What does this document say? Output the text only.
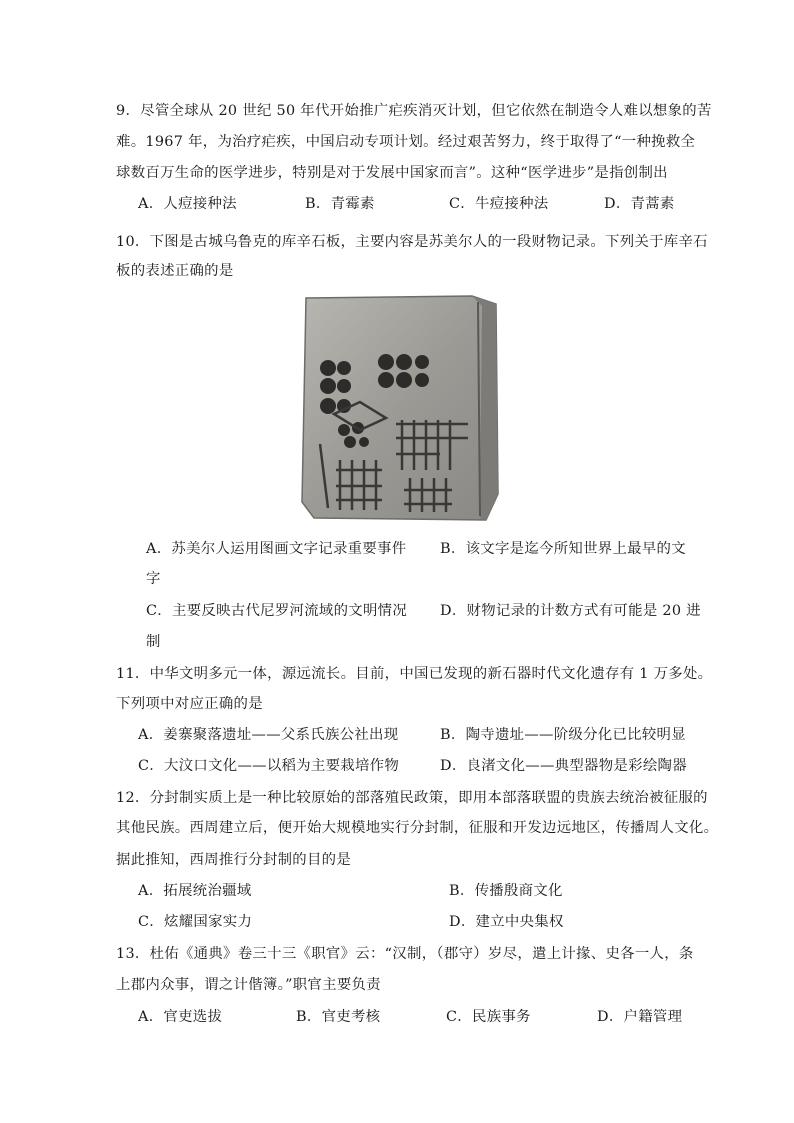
9．尽管全球从 20 世纪 50 年代开始推广疟疾消灭计划，但它依然在制造令人难以想象的苦
难。1967 年，为治疗疟疾，中国启动专项计划。经过艰苦努力，终于取得了“一种挽救全
球数百万生命的医学进步，特别是对于发展中国家而言”。这种“医学进步”是指创制出
A．人痘接种法	B．青霉素	C．牛痘接种法	D．青蒿素
10．下图是古城乌鲁克的库辛石板，主要内容是苏美尔人的一段财物记录。下列关于库辛石
板的表述正确的是
A．苏美尔人运用图画文字记录重要事件 B．该文字是迄今所知世界上最早的文
字
C．主要反映古代尼罗河流域的文明情况 D．财物记录的计数方式有可能是 20 进
制
11．中华文明多元一体，源远流长。目前，中国已发现的新石器时代文化遗存有 1 万多处。
下列项中对应正确的是
A．姜寨聚落遗址——父系氏族公社出现	B．陶寺遗址——阶级分化已比较明显
C．大汶口文化——以稻为主要栽培作物	D．良渚文化——典型器物是彩绘陶器
12．分封制实质上是一种比较原始的部落殖民政策，即用本部落联盟的贵族去统治被征服的
其他民族。西周建立后，便开始大规模地实行分封制，征服和开发边远地区，传播周人文化。
据此推知，西周推行分封制的目的是
A．拓展统治疆域	B．传播殷商文化
C．炫耀国家实力	D．建立中央集权
13．杜佑《通典》卷三十三《职官》云：“汉制，（郡守）岁尽，遣上计掾、史各一人，条
上郡内众事，谓之计偕簿。”职官主要负责
A．官吏选拔	B．官吏考核	C．民族事务	D．户籍管理
